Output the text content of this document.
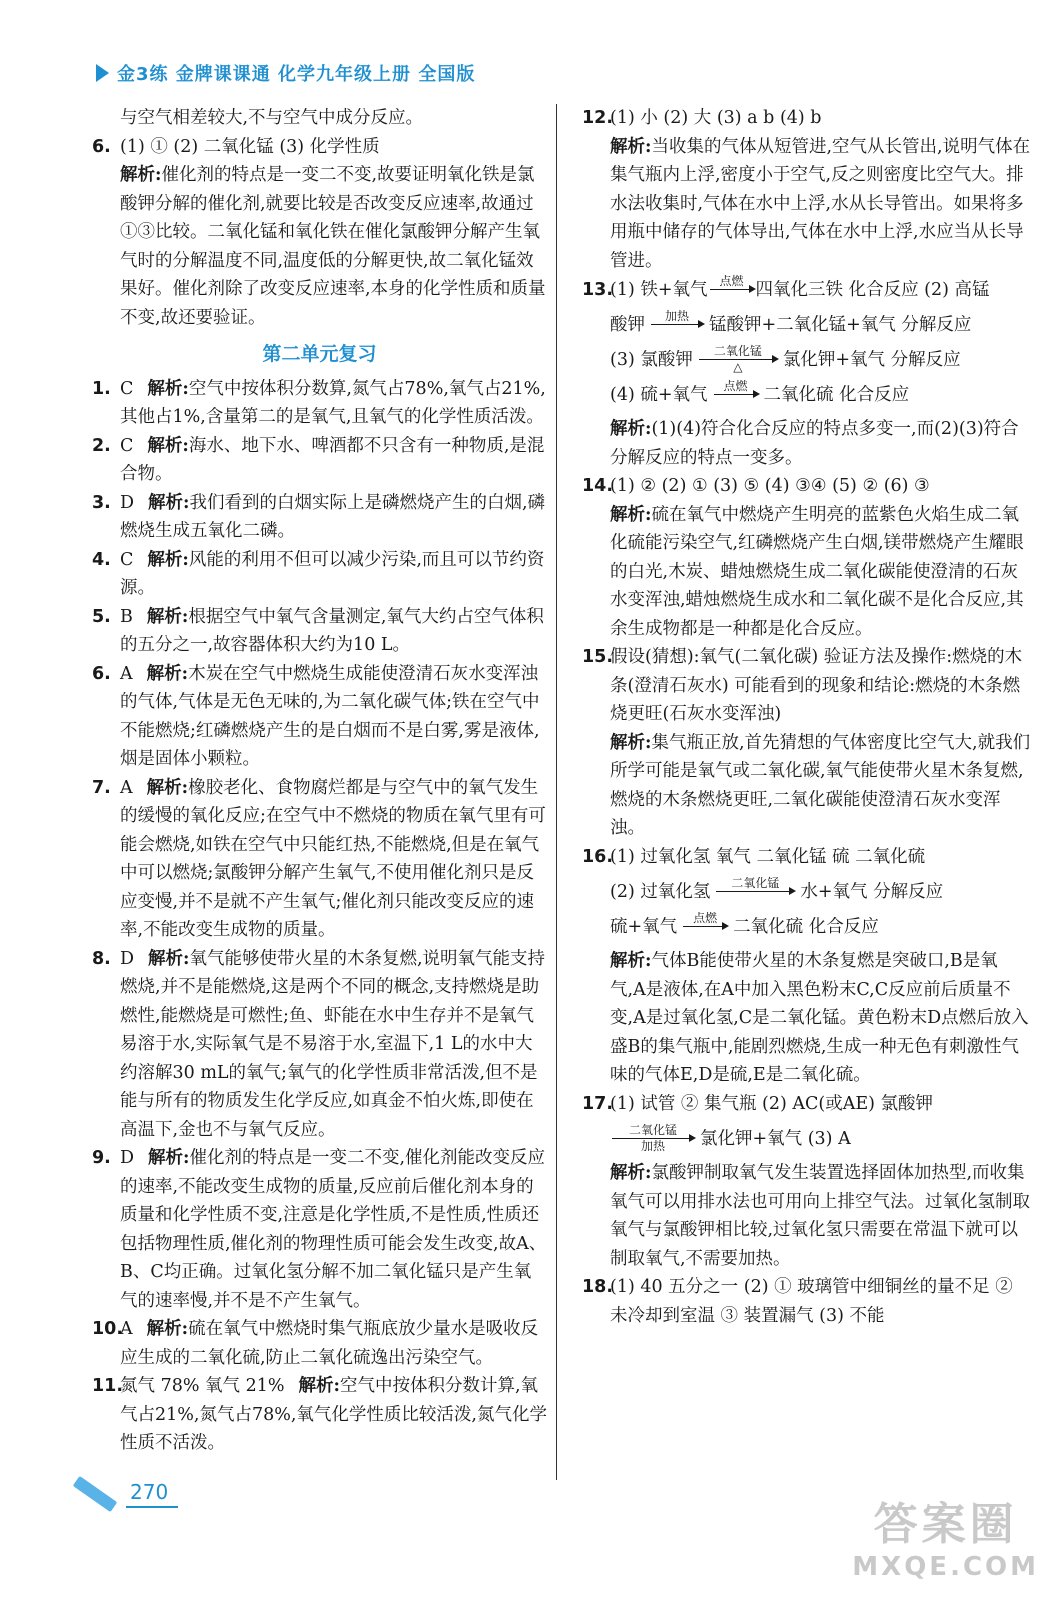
金3练 金牌课课通 化学九年级上册 全国版
与空气相差较大,不与空气中成分反应。
6. (1) ① (2) 二氧化锰 (3) 化学性质
解析:催化剂的特点是一变二不变,故要证明氧化铁是氯酸钾分解的催化剂,就要比较是否改变反应速率,故通过①③比较。二氧化锰和氧化铁在催化氯酸钾分解产生氧气时的分解温度不同,温度低的分解更快,故二氧化锰效果好。催化剂除了改变反应速率,本身的化学性质和质量不变,故还要验证。
第二单元复习
1. C 解析:空气中按体积分数算,氮气占78%,氧气占21%,其他占1%,含量第二的是氧气,且氧气的化学性质活泼。
2. C 解析:海水、地下水、啤酒都不只含有一种物质,是混合物。
3. D 解析:我们看到的白烟实际上是磷燃烧产生的白烟,磷燃烧生成五氧化二磷。
4. C 解析:风能的利用不但可以减少污染,而且可以节约资源。
5. B 解析:根据空气中氧气含量测定,氧气大约占空气体积的五分之一,故容器体积大约为10 L。
6. A 解析:木炭在空气中燃烧生成能使澄清石灰水变浑浊的气体,气体是无色无味的,为二氧化碳气体;铁在空气中不能燃烧;红磷燃烧产生的是白烟而不是白雾,雾是液体,烟是固体小颗粒。
7. A 解析:橡胶老化、食物腐烂都是与空气中的氧气发生的缓慢的氧化反应;在空气中不燃烧的物质在氧气里有可能会燃烧,如铁在空气中只能红热,不能燃烧,但是在氧气中可以燃烧;氯酸钾分解产生氧气,不使用催化剂只是反应变慢,并不是就不产生氧气;催化剂只能改变反应的速率,不能改变生成物的质量。
8. D 解析:氧气能够使带火星的木条复燃,说明氧气能支持燃烧,并不是能燃烧,这是两个不同的概念,支持燃烧是助燃性,能燃烧是可燃性;鱼、虾能在水中生存并不是氧气易溶于水,实际氧气是不易溶于水,室温下,1 L的水中大约溶解30 mL的氧气;氧气的化学性质非常活泼,但不是能与所有的物质发生化学反应,如真金不怕火炼,即使在高温下,金也不与氧气反应。
9. D 解析:催化剂的特点是一变二不变,催化剂能改变反应的速率,不能改变生成物的质量,反应前后催化剂本身的质量和化学性质不变,注意是化学性质,不是性质,性质还包括物理性质,催化剂的物理性质可能会发生改变,故A、B、C均正确。过氧化氢分解不加二氧化锰只是产生氧气的速率慢,并不是不产生氧气。
10.
A 解析:硫在氧气中燃烧时集气瓶底放少量水是吸收反应生成的二氧化硫,防止二氧化硫逸出污染空气。
11.
氮气 78% 氧气 21% 解析:空气中按体积分数计算,氧气占21%,氮气占78%,氧气化学性质比较活泼,氮气化学性质不活泼。
12.
(1) 小 (2) 大 (3) a b (4) b
解析:当收集的气体从短管进,空气从长管出,说明气体在集气瓶内上浮,密度小于空气,反之则密度比空气大。排水法收集时,气体在水中上浮,水从长导管出。如果将多用瓶中储存的气体导出,气体在水中上浮,水应当从长导管进。
13.
(1) 铁+氧气 点燃 四氧化三铁 化合反应 (2) 高锰
酸钾 加热 锰酸钾+二氧化锰+氧气 分解反应
(3) 氯酸钾 二氧化锰
△ 氯化钾+氧气 分解反应
(4) 硫+氧气 点燃 二氧化硫 化合反应
解析:(1)(4)符合化合反应的特点多变一,而(2)(3)符合分解反应的特点一变多。
14.
(1) ② (2) ① (3) ⑤ (4) ③④ (5) ② (6) ③
解析:硫在氧气中燃烧产生明亮的蓝紫色火焰生成二氧化硫能污染空气,红磷燃烧产生白烟,镁带燃烧产生耀眼的白光,木炭、蜡烛燃烧生成二氧化碳能使澄清的石灰水变浑浊,蜡烛燃烧生成水和二氧化碳不是化合反应,其余生成物都是一种都是化合反应。
15.
假设(猜想):氧气(二氧化碳) 验证方法及操作:燃烧的木条(澄清石灰水) 可能看到的现象和结论:燃烧的木条燃烧更旺(石灰水变浑浊)
解析:集气瓶正放,首先猜想的气体密度比空气大,就我们所学可能是氧气或二氧化碳,氧气能使带火星木条复燃,燃烧的木条燃烧更旺,二氧化碳能使澄清石灰水变浑浊。
16.
(1) 过氧化氢 氧气 二氧化锰 硫 二氧化硫
(2) 过氧化氢 二氧化锰 水+氧气 分解反应
硫+氧气 点燃 二氧化硫 化合反应
解析:气体B能使带火星的木条复燃是突破口,B是氧气,A是液体,在A中加入黑色粉末C,C反应前后质量不变,A是过氧化氢,C是二氧化锰。黄色粉末D点燃后放入盛B的集气瓶中,能剧烈燃烧,生成一种无色有刺激性气味的气体E,D是硫,E是二氧化硫。
17.
(1) 试管 ② 集气瓶 (2) AC(或AE) 氯酸钾
二氧化锰
加热 氯化钾+氧气 (3) A
解析:氯酸钾制取氧气发生装置选择固体加热型,而收集氧气可以用排水法也可用向上排空气法。过氧化氢制取氧气与氯酸钾相比较,过氧化氢只需要在常温下就可以制取氧气,不需要加热。
18.
(1) 40 五分之一 (2) ① 玻璃管中细铜丝的量不足 ② 未冷却到室温 ③ 装置漏气 (3) 不能
270
答案圈
MXQE.COM
